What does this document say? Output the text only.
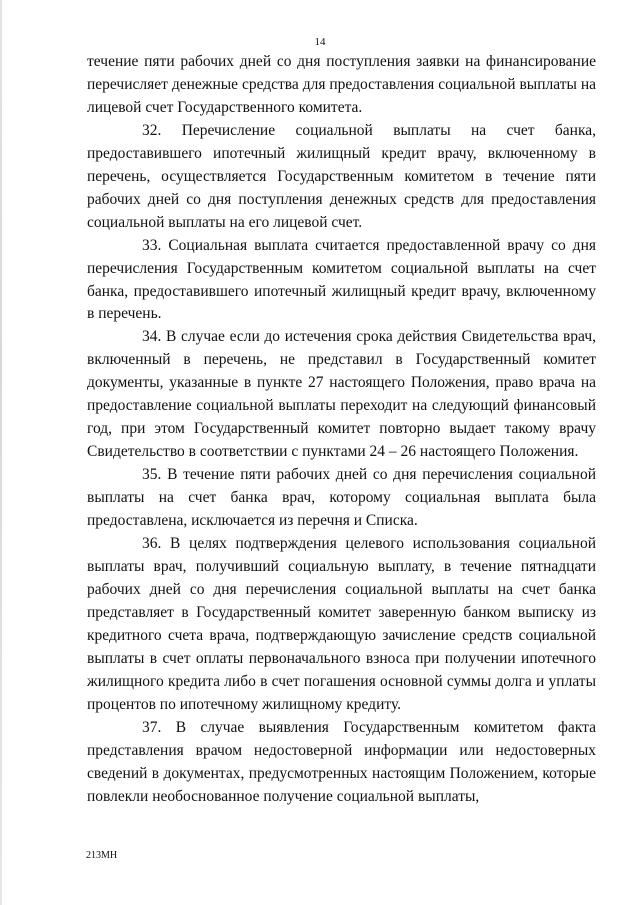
14

течение пяти рабочих дней со дня поступления заявки на финансирование перечисляет денежные средства для предоставления социальной выплаты на лицевой счет Государственного комитета.

32. Перечисление социальной выплаты на счет банка, предоставившего ипотечный жилищный кредит врачу, включенному в перечень, осуществляется Государственным комитетом в течение пяти рабочих дней со дня поступления денежных средств для предоставления социальной выплаты на его лицевой счет.

33. Социальная выплата считается предоставленной врачу со дня перечисления Государственным комитетом социальной выплаты на счет банка, предоставившего ипотечный жилищный кредит врачу, включенному в перечень.

34. В случае если до истечения срока действия Свидетельства врач, включенный в перечень, не представил в Государственный комитет документы, указанные в пункте 27 настоящего Положения, право врача на предоставление социальной выплаты переходит на следующий финансовый год, при этом Государственный комитет повторно выдает такому врачу Свидетельство в соответствии с пунктами 24 – 26 настоящего Положения.

35. В течение пяти рабочих дней со дня перечисления социальной выплаты на счет банка врач, которому социальная выплата была предоставлена, исключается из перечня и Списка.

36. В целях подтверждения целевого использования социальной выплаты врач, получивший социальную выплату, в течение пятнадцати рабочих дней со дня перечисления социальной выплаты на счет банка представляет в Государственный комитет заверенную банком выписку из кредитного счета врача, подтверждающую зачисление средств социальной выплаты в счет оплаты первоначального взноса при получении ипотечного жилищного кредита либо в счет погашения основной суммы долга и уплаты процентов по ипотечному жилищному кредиту.

37. В случае выявления Государственным комитетом факта представления врачом недостоверной информации или недостоверных сведений в документах, предусмотренных настоящим Положением, которые повлекли необоснованное получение социальной выплаты,

213МН
